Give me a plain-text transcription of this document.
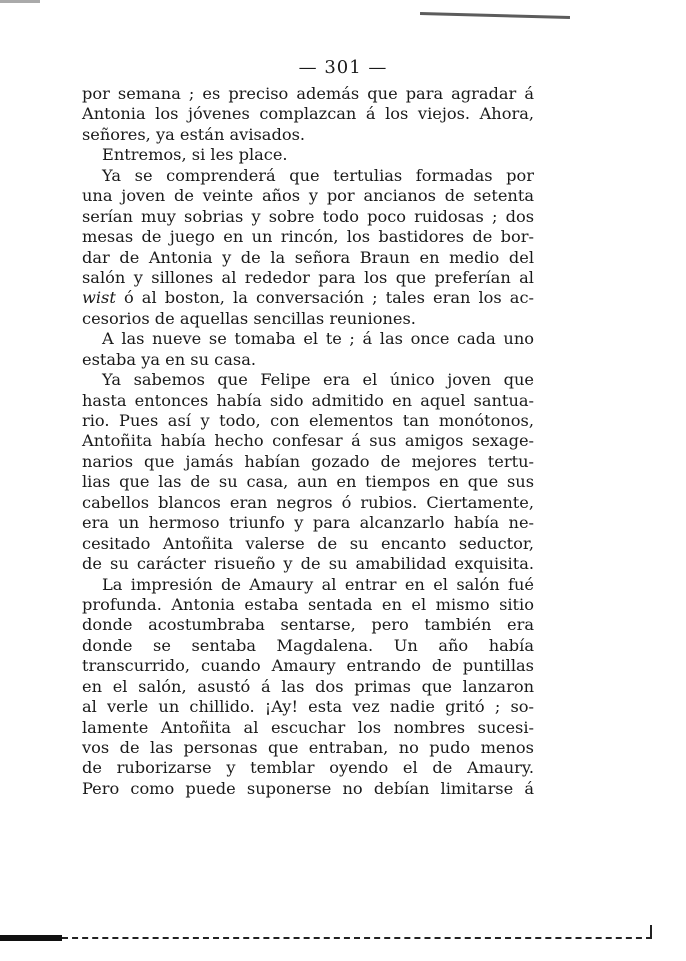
— 301 —
por semana ; es preciso además que para agradar á
Antonia los jóvenes complazcan á los viejos. Ahora,
señores, ya están avisados.
Entremos, si les place.
Ya se comprenderá que tertulias formadas por
una joven de veinte años y por ancianos de setenta
serían muy sobrias y sobre todo poco ruidosas ; dos
mesas de juego en un rincón, los bastidores de bor-
dar de Antonia y de la señora Braun en medio del
salón y sillones al rededor para los que preferían al
wist ó al boston, la conversación ; tales eran los ac-
cesorios de aquellas sencillas reuniones.
A las nueve se tomaba el te ; á las once cada uno
estaba ya en su casa.
Ya sabemos que Felipe era el único joven que
hasta entonces había sido admitido en aquel santua-
rio. Pues así y todo, con elementos tan monótonos,
Antoñita había hecho confesar á sus amigos sexage-
narios que jamás habían gozado de mejores tertu-
lias que las de su casa, aun en tiempos en que sus
cabellos blancos eran negros ó rubios. Ciertamente,
era un hermoso triunfo y para alcanzarlo había ne-
cesitado Antoñita valerse de su encanto seductor,
de su carácter risueño y de su amabilidad exquisita.
La impresión de Amaury al entrar en el salón fué
profunda. Antonia estaba sentada en el mismo sitio
donde acostumbraba sentarse, pero también era
donde se sentaba Magdalena. Un año había
transcurrido, cuando Amaury entrando de puntillas
en el salón, asustó á las dos primas que lanzaron
al verle un chillido. ¡Ay! esta vez nadie gritó ; so-
lamente Antoñita al escuchar los nombres sucesi-
vos de las personas que entraban, no pudo menos
de ruborizarse y temblar oyendo el de Amaury.
Pero como puede suponerse no debían limitarse á
